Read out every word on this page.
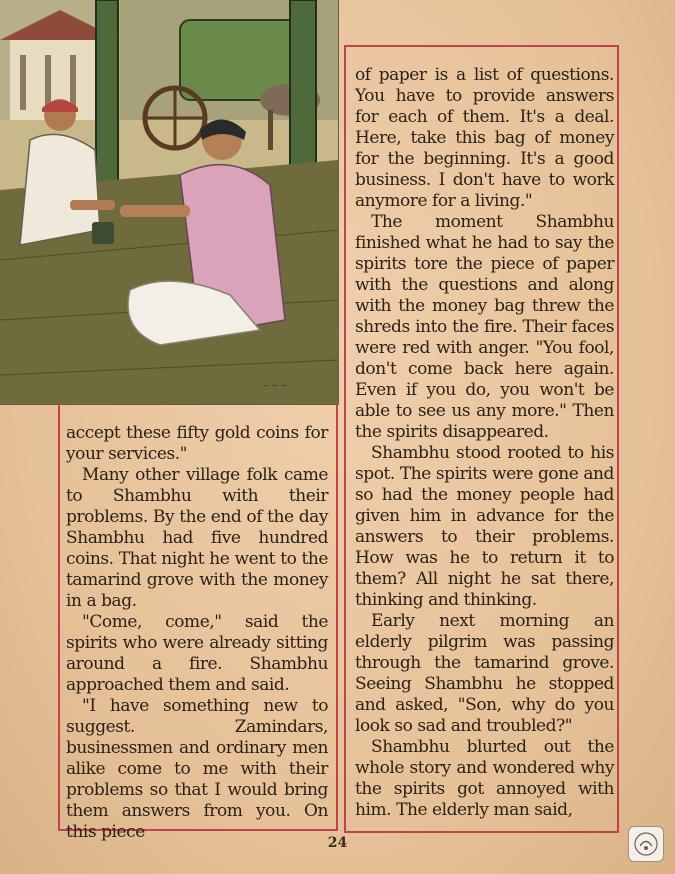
~ ~ ~

accept these fifty gold coins for your services."

Many other village folk came to Shambhu with their problems. By the end of the day Shambhu had five hundred coins. That night he went to the tamarind grove with the money in a bag.

"Come, come," said the spirits who were already sitting around a fire. Shambhu approached them and said.

"I have something new to suggest. Zamindars, businessmen and ordinary men alike come to me with their problems so that I would bring them answers from you. On this piece

of paper is a list of questions. You have to provide answers for each of them. It's a deal. Here, take this bag of money for the beginning. It's a good business. I don't have to work anymore for a living."

The moment Shambhu finished what he had to say the spirits tore the piece of paper with the questions and along with the money bag threw the shreds into the fire. Their faces were red with anger. "You fool, don't come back here again. Even if you do, you won't be able to see us any more." Then the spirits disappeared.

Shambhu stood rooted to his spot. The spirits were gone and so had the money people had given him in advance for the answers to their problems. How was he to return it to them? All night he sat there, thinking and thinking.

Early next morning an elderly pilgrim was passing through the tamarind grove. Seeing Shambhu he stopped and asked, "Son, why do you look so sad and troubled?"

Shambhu blurted out the whole story and wondered why the spirits got annoyed with him. The elderly man said,

24
